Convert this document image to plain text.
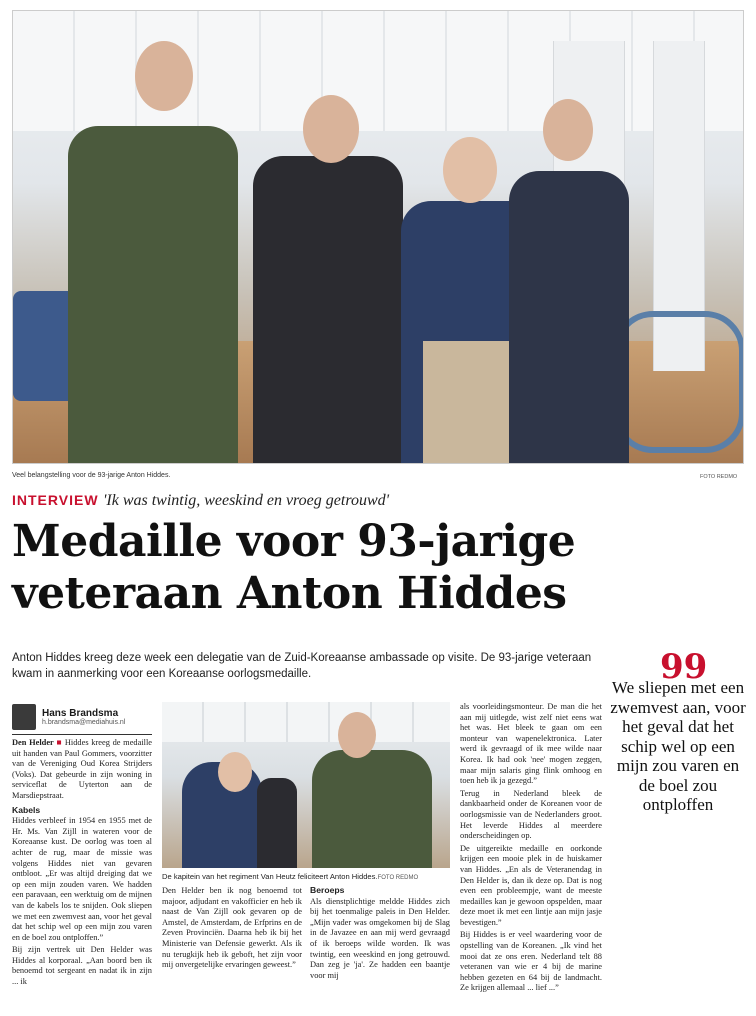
Veel belangstelling voor de 93-jarige Anton Hiddes.	FOTO REDMO
INTERVIEW 'Ik was twintig, weeskind en vroeg getrouwd'
Medaille voor 93-jarige
veteraan Anton Hiddes
Anton Hiddes kreeg deze week een delegatie van de Zuid-Koreaanse ambassade op visite. De 93-jarige veteraan kwam in aanmerking voor een Koreaanse oorlogsmedaille.
Hans Brandsma
h.brandsma@mediahuis.nl

Den Helder ■ Hiddes kreeg de medaille uit handen van Paul Gommers, voorzitter van de Vereniging Oud Korea Strijders (Voks). Dat gebeurde in zijn woning in serviceflat de Uyterton aan de Marsdiepstraat.

Kabels

Hiddes verbleef in 1954 en 1955 met de Hr. Ms. Van Zijll in wateren voor de Koreaanse kust. De oorlog was toen al achter de rug, maar de missie was volgens Hiddes niet van gevaren ontbloot. „Er was altijd dreiging dat we op een mijn zouden varen. We hadden een paravaan, een werktuig om de mijnen van de kabels los te snijden. Ook sliepen we met een zwemvest aan, voor het geval dat het schip wel op een mijn zou varen en de boel zou ontploffen.”

Bij zijn vertrek uit Den Helder was Hiddes al korporaal. „Aan boord ben ik benoemd tot sergeant en nadat ik in zijn ... ik

De kapitein van het regiment Van Heutz feliciteert Anton Hiddes.FOTO REDMO

Den Helder ben ik nog benoemd tot majoor, adjudant en vakofficier en heb ik naast de Van Zijll ook gevaren op de Amstel, de Amsterdam, de Erfprins en de Zeven Provinciën. Daarna heb ik bij het Ministerie van Defensie gewerkt. Als ik nu terugkijk heb ik geboft, het zijn voor mij onvergetelijke ervaringen geweest.”

Beroeps

Als dienstplichtige meldde Hiddes zich bij het toenmalige paleis in Den Helder. „Mijn vader was omgekomen bij de Slag in de Javazee en aan mij werd gevraagd of ik beroeps wilde worden. Ik was twintig, een weeskind en jong getrouwd. Dan zeg je 'ja'. Ze hadden een baantje voor mij

als voorleidingsmonteur. De man die het aan mij uitlegde, wist zelf niet eens wat het was. Het bleek te gaan om een monteur van wapenelektronica. Later werd ik gevraagd of ik mee wilde naar Korea. Ik had ook 'nee' mogen zeggen, maar mijn salaris ging flink omhoog en toen heb ik ja gezegd.”

Terug in Nederland bleek de dankbaarheid onder de Koreanen voor de oorlogsmissie van de Nederlanders groot. Het leverde Hiddes al meerdere onderscheidingen op.

De uitgereikte medaille en oorkonde krijgen een mooie plek in de huiskamer van Hiddes. „En als de Veteranendag in Den Helder is, dan ik deze op. Dat is nog even een probleempje, want de meeste medailles kan je gewoon opspelden, maar deze moet ik met een lintje aan mijn jasje bevestigen.”

Bij Hiddes is er veel waardering voor de opstelling van de Koreanen. „Ik vind het mooi dat ze ons eren. Nederland telt 88 veteranen van wie er 4 bij de marine hebben gezeten en 64 bij de landmacht. Ze krijgen allemaal ... lief ...”

99
We sliepen met een zwemvest aan, voor het geval dat het schip wel op een mijn zou varen en de boel zou ontploffen
